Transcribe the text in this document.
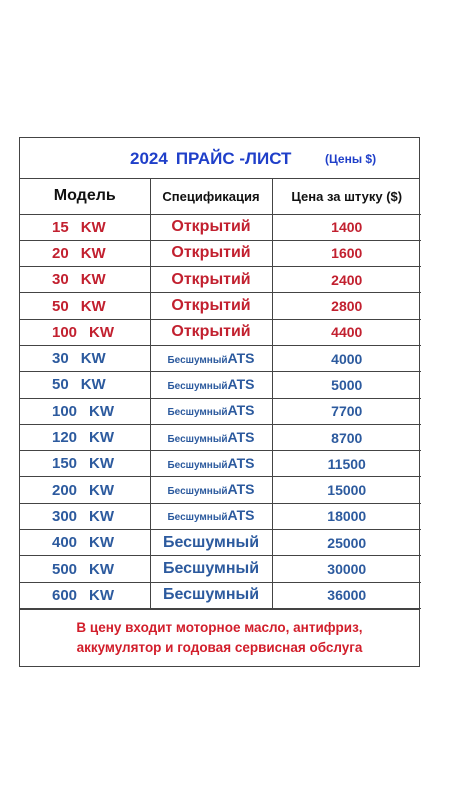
2024 ПРАЙС -ЛИСТ	(Цены $)
Модель	Спецификация	Цена за штуку ($)
15 KW	Открытий	1400
20 KW	Открытий	1600
30 KW	Открытий	2400
50 KW	Открытий	2800
100 KW	Открытий	4400
30 KW	БесшумныйATS	4000
50 KW	БесшумныйATS	5000
100 KW	БесшумныйATS	7700
120 KW	БесшумныйATS	8700
150 KW	БесшумныйATS	11500
200 KW	БесшумныйATS	15000
300 KW	БесшумныйATS	18000
400 KW	Бесшумный	25000
500 KW	Бесшумный	30000
600 KW	Бесшумный	36000
В цену входит моторное масло, антифриз,
аккумулятор и годовая сервисная обслуга
